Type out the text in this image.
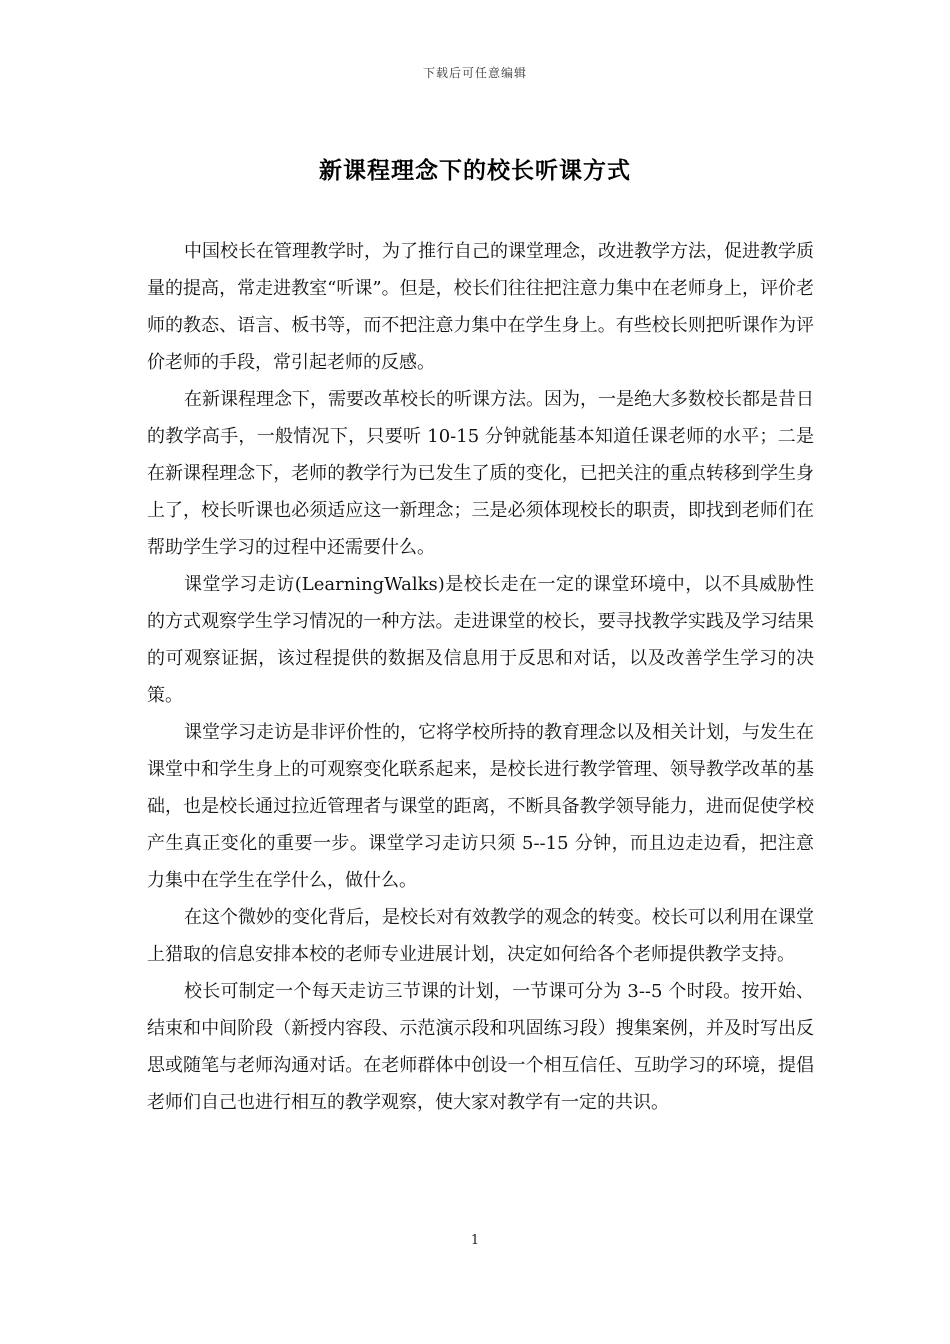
下载后可任意编辑
新课程理念下的校长听课方式

中国校长在管理教学时，为了推行自己的课堂理念，改进教学方法，促进教学质量的提高，常走进教室“听课”。但是，校长们往往把注意力集中在老师身上，评价老师的教态、语言、板书等，而不把注意力集中在学生身上。有些校长则把听课作为评价老师的手段，常引起老师的反感。

在新课程理念下，需要改革校长的听课方法。因为，一是绝大多数校长都是昔日的教学高手，一般情况下，只要听 10-15 分钟就能基本知道任课老师的水平；二是在新课程理念下，老师的教学行为已发生了质的变化，已把关注的重点转移到学生身上了，校长听课也必须适应这一新理念；三是必须体现校长的职责，即找到老师们在帮助学生学习的过程中还需要什么。

课堂学习走访(LearningWalks)是校长走在一定的课堂环境中，以不具威胁性的方式观察学生学习情况的一种方法。走进课堂的校长，要寻找教学实践及学习结果的可观察证据，该过程提供的数据及信息用于反思和对话，以及改善学生学习的决策。

课堂学习走访是非评价性的，它将学校所持的教育理念以及相关计划，与发生在课堂中和学生身上的可观察变化联系起来，是校长进行教学管理、领导教学改革的基础，也是校长通过拉近管理者与课堂的距离，不断具备教学领导能力，进而促使学校产生真正变化的重要一步。课堂学习走访只须 5--15 分钟，而且边走边看，把注意力集中在学生在学什么，做什么。

在这个微妙的变化背后，是校长对有效教学的观念的转变。校长可以利用在课堂上猎取的信息安排本校的老师专业进展计划，决定如何给各个老师提供教学支持。

校长可制定一个每天走访三节课的计划，一节课可分为 3--5 个时段。按开始、结束和中间阶段（新授内容段、示范演示段和巩固练习段）搜集案例，并及时写出反思或随笔与老师沟通对话。在老师群体中创设一个相互信任、互助学习的环境，提倡老师们自己也进行相互的教学观察，使大家对教学有一定的共识。

1
